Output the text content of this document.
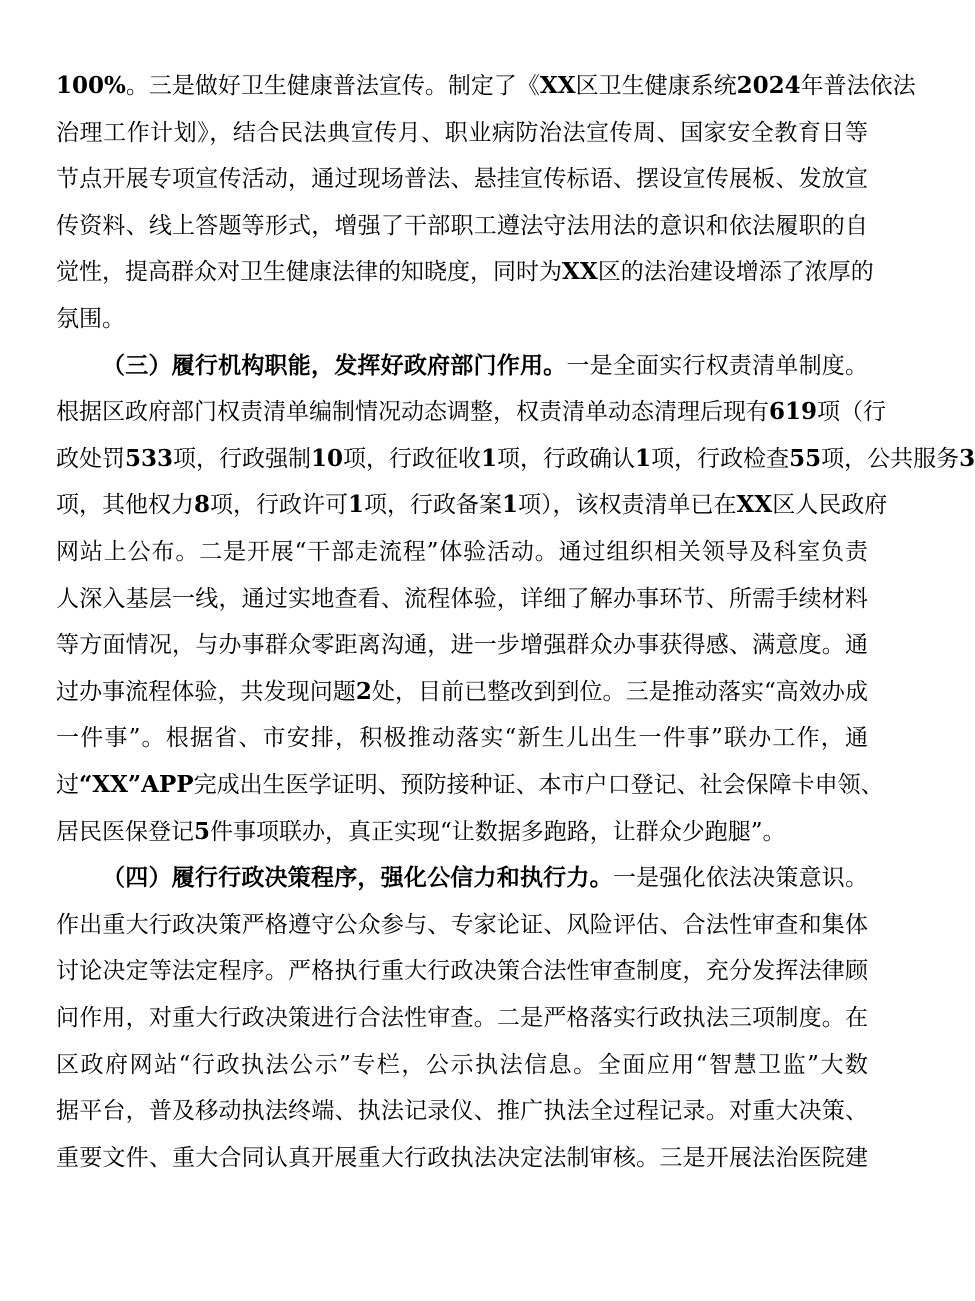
100%。三是做好卫生健康普法宣传。制定了《XX区卫生健康系统2024年普法依法
治理工作计划》，结合民法典宣传月、职业病防治法宣传周、国家安全教育日等
节点开展专项宣传活动，通过现场普法、悬挂宣传标语、摆设宣传展板、发放宣
传资料、线上答题等形式，增强了干部职工遵法守法用法的意识和依法履职的自
觉性，提高群众对卫生健康法律的知晓度，同时为XX区的法治建设增添了浓厚的
氛围。
（三）履行机构职能，发挥好政府部门作用。一是全面实行权责清单制度。
根据区政府部门权责清单编制情况动态调整，权责清单动态清理后现有619项（行
政处罚533项，行政强制10项，行政征收1项，行政确认1项，行政检查55项，公共服务3
项，其他权力8项，行政许可1项，行政备案1项），该权责清单已在XX区人民政府
网站上公布。二是开展“干部走流程”体验活动。通过组织相关领导及科室负责
人深入基层一线，通过实地查看、流程体验，详细了解办事环节、所需手续材料
等方面情况，与办事群众零距离沟通，进一步增强群众办事获得感、满意度。通
过办事流程体验，共发现问题2处，目前已整改到到位。三是推动落实“高效办成
一件事”。根据省、市安排，积极推动落实“新生儿出生一件事”联办工作，通
过“XX”APP完成出生医学证明、预防接种证、本市户口登记、社会保障卡申领、
居民医保登记5件事项联办，真正实现“让数据多跑路，让群众少跑腿”。
（四）履行行政决策程序，强化公信力和执行力。一是强化依法决策意识。
作出重大行政决策严格遵守公众参与、专家论证、风险评估、合法性审查和集体
讨论决定等法定程序。严格执行重大行政决策合法性审查制度，充分发挥法律顾
问作用，对重大行政决策进行合法性审查。二是严格落实行政执法三项制度。在
区政府网站“行政执法公示”专栏，公示执法信息。全面应用“智慧卫监”大数
据平台，普及移动执法终端、执法记录仪、推广执法全过程记录。对重大决策、
重要文件、重大合同认真开展重大行政执法决定法制审核。三是开展法治医院建
